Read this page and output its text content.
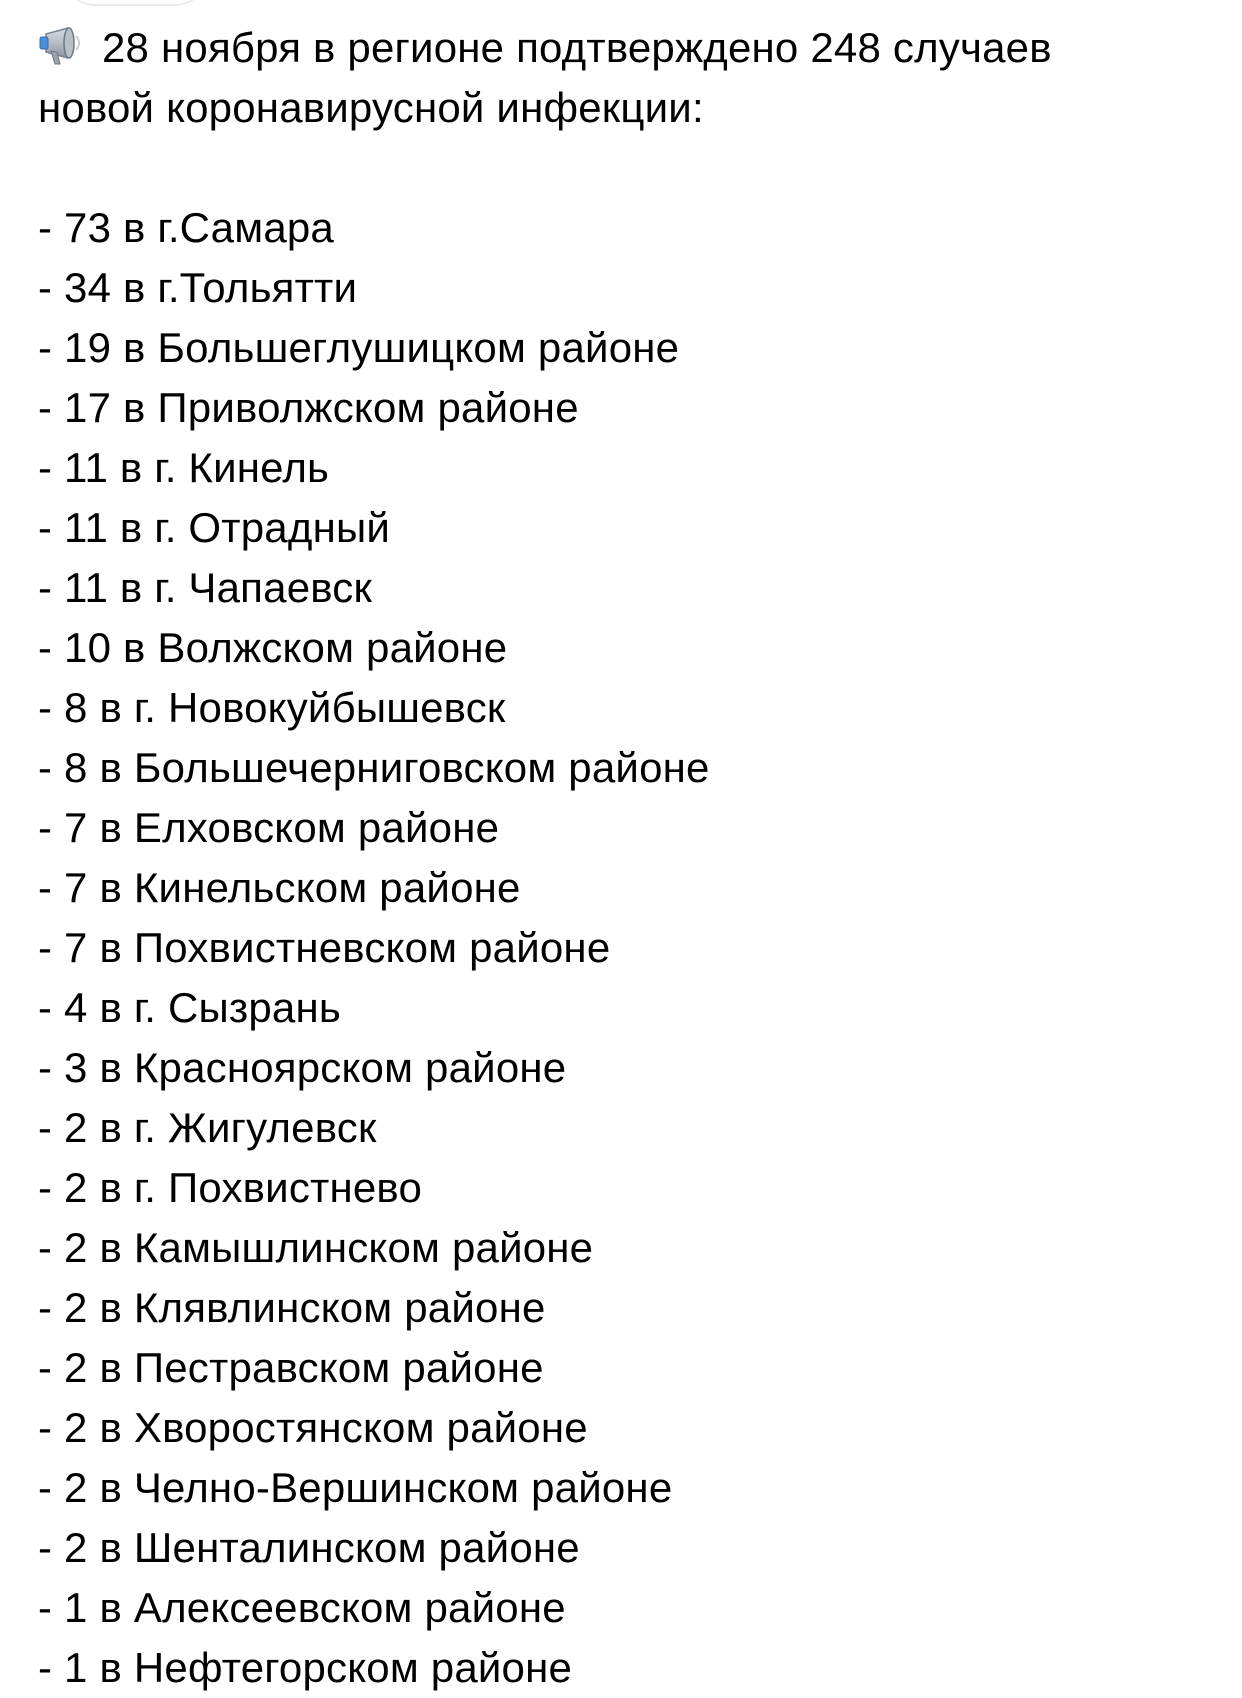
28 ноября в регионе подтверждено 248 случаев
новой коронавирусной инфекции:

- 73 в г.Самара
- 34 в г.Тольятти
- 19 в Большеглушицком районе
- 17 в Приволжском районе
- 11 в г. Кинель
- 11 в г. Отрадный
- 11 в г. Чапаевск
- 10 в Волжском районе
- 8 в г. Новокуйбышевск
- 8 в Большечерниговском районе
- 7 в Елховском районе
- 7 в Кинельском районе
- 7 в Похвистневском районе
- 4 в г. Сызрань
- 3 в Красноярском районе
- 2 в г. Жигулевск
- 2 в г. Похвистнево
- 2 в Камышлинском районе
- 2 в Клявлинском районе
- 2 в Пестравском районе
- 2 в Хворостянском районе
- 2 в Челно-Вершинском районе
- 2 в Шенталинском районе
- 1 в Алексеевском районе
- 1 в Нефтегорском районе
